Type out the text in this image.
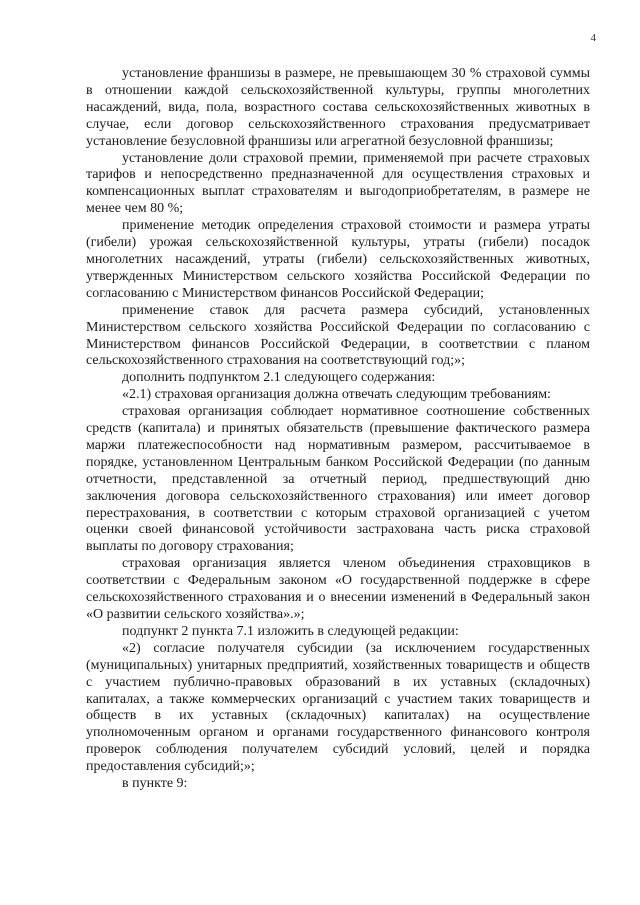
4

установление франшизы в размере, не превышающем 30 % страховой суммы в отношении каждой сельскохозяйственной культуры, группы многолетних насаждений, вида, пола, возрастного состава сельскохозяйственных животных в случае, если договор сельскохозяйственного страхования предусматривает установление безусловной франшизы или агрегатной безусловной франшизы;

установление доли страховой премии, применяемой при расчете страховых тарифов и непосредственно предназначенной для осуществления страховых и компенсационных выплат страхователям и выгодоприобретателям, в размере не менее чем 80 %;

применение методик определения страховой стоимости и размера утраты (гибели) урожая сельскохозяйственной культуры, утраты (гибели) посадок многолетних насаждений, утраты (гибели) сельскохозяйственных животных, утвержденных Министерством сельского хозяйства Российской Федерации по согласованию с Министерством финансов Российской Федерации;

применение ставок для расчета размера субсидий, установленных Министерством сельского хозяйства Российской Федерации по согласованию с Министерством финансов Российской Федерации, в соответствии с планом сельскохозяйственного страхования на соответствующий год;»;

дополнить подпунктом 2.1 следующего содержания:

«2.1) страховая организация должна отвечать следующим требованиям:

страховая организация соблюдает нормативное соотношение собственных средств (капитала) и принятых обязательств (превышение фактического размера маржи платежеспособности над нормативным размером, рассчитываемое в порядке, установленном Центральным банком Российской Федерации (по данным отчетности, представленной за отчетный период, предшествующий дню заключения договора сельскохозяйственного страхования) или имеет договор перестрахования, в соответствии с которым страховой организацией с учетом оценки своей финансовой устойчивости застрахована часть риска страховой выплаты по договору страхования;

страховая организация является членом объединения страховщиков в соответствии с Федеральным законом «О государственной поддержке в сфере сельскохозяйственного страхования и о внесении изменений в Федеральный закон «О развитии сельского хозяйства».»;

подпункт 2 пункта 7.1 изложить в следующей редакции:

«2) согласие получателя субсидии (за исключением государственных (муниципальных) унитарных предприятий, хозяйственных товариществ и обществ с участием публично-правовых образований в их уставных (складочных) капиталах, а также коммерческих организаций с участием таких товариществ и обществ в их уставных (складочных) капиталах) на осуществление уполномоченным органом и органами государственного финансового контроля проверок соблюдения получателем субсидий условий, целей и порядка предоставления субсидий;»;

в пункте 9:
